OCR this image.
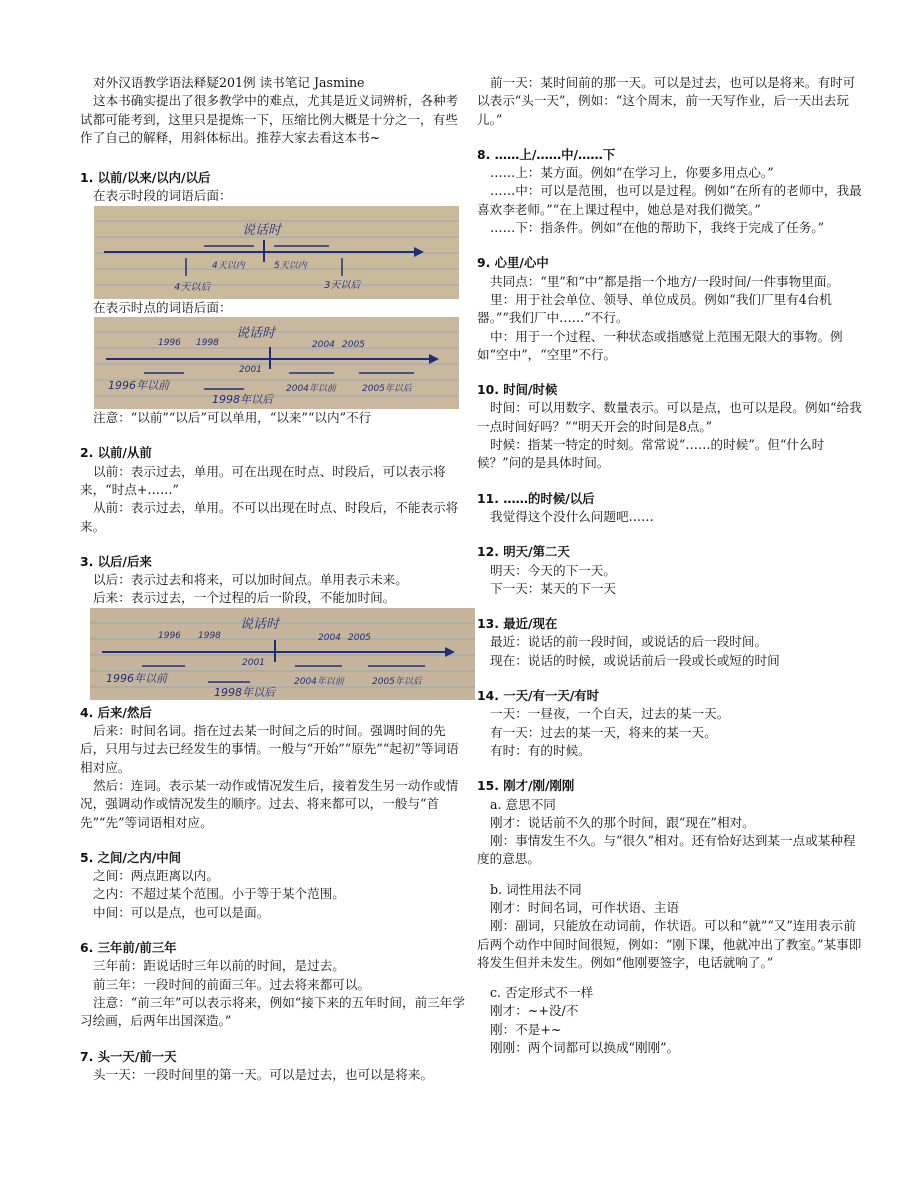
对外汉语教学语法释疑201例 读书笔记 Jasmine

这本书确实提出了很多教学中的难点，尤其是近义词辨析，各种考试都可能考到，这里只是提炼一下，压缩比例大概是十分之一，有些作了自己的解释，用斜体标出。推荐大家去看这本书~

1. 以前/以来/以内/以后

在表示时段的词语后面：

说话时
4天以后
4天以内	5天以内
3天以后

在表示时点的词语后面：

说话时
1996 1998	2004 2005
2001
1996年以前
1998年以后
2004年以前	2005年以后

注意：“以前”“以后”可以单用，“以来”“以内”不行

2. 以前/从前

以前：表示过去，单用。可在出现在时点、时段后，可以表示将来，“时点+……”

从前：表示过去，单用。不可以出现在时点、时段后，不能表示将来。

3. 以后/后来

以后：表示过去和将来，可以加时间点。单用表示未来。

后来：表示过去，一个过程的后一阶段，不能加时间。

说话时
1996 1998	2004 2005
2001
1996年以前
1998年以后
2004年以前	2005年以后
4. 后来/然后

后来：时间名词。指在过去某一时间之后的时间。强调时间的先后，只用与过去已经发生的事情。一般与“开始”“原先”“起初”等词语相对应。

然后：连词。表示某一动作或情况发生后，接着发生另一动作或情况，强调动作或情况发生的顺序。过去、将来都可以，一般与“首先”“先”等词语相对应。

5. 之间/之内/中间

之间：两点距离以内。

之内：不超过某个范围。小于等于某个范围。

中间：可以是点，也可以是面。

6. 三年前/前三年

三年前：距说话时三年以前的时间，是过去。

前三年：一段时间的前面三年。过去将来都可以。

注意：“前三年”可以表示将来，例如“接下来的五年时间，前三年学习绘画，后两年出国深造。”

7. 头一天/前一天

头一天：一段时间里的第一天。可以是过去，也可以是将来。

前一天：某时间前的那一天。可以是过去，也可以是将来。有时可以表示“头一天”，例如：“这个周末，前一天写作业，后一天出去玩儿。”

8. ……上/……中/……下

……上：某方面。例如“在学习上，你要多用点心。”

……中：可以是范围，也可以是过程。例如“在所有的老师中，我最喜欢李老师。”“在上课过程中，她总是对我们微笑。”

……下：指条件。例如“在他的帮助下，我终于完成了任务。”

9. 心里/心中

共同点：“里”和“中”都是指一个地方/一段时间/一件事物里面。

里：用于社会单位、领导、单位成员。例如“我们厂里有4台机器。”“我们厂中……”不行。

中：用于一个过程、一种状态或指感觉上范围无限大的事物。例如“空中”，“空里”不行。

10. 时间/时候

时间：可以用数字、数量表示。可以是点，也可以是段。例如“给我一点时间好吗？”“明天开会的时间是8点。”

时候：指某一特定的时刻。常常说“……的时候”。但“什么时候？”问的是具体时间。

11. ……的时候/以后

我觉得这个没什么问题吧……

12. 明天/第二天

明天：今天的下一天。

下一天：某天的下一天

13. 最近/现在

最近：说话的前一段时间，或说话的后一段时间。

现在：说话的时候，或说话前后一段或长或短的时间

14. 一天/有一天/有时

一天：一昼夜，一个白天，过去的某一天。

有一天：过去的某一天，将来的某一天。

有时：有的时候。

15. 刚才/刚/刚刚

a. 意思不同

刚才：说话前不久的那个时间，跟“现在”相对。

刚：事情发生不久。与“很久”相对。还有恰好达到某一点或某种程度的意思。

b. 词性用法不同

刚才：时间名词，可作状语、主语

刚：副词，只能放在动词前，作状语。可以和“就”“又”连用表示前后两个动作中间时间很短，例如：“刚下课，他就冲出了教室。”某事即将发生但并未发生。例如“他刚要签字，电话就响了。”

c. 否定形式不一样

刚才：~+没/不

刚：不是+~

刚刚：两个词都可以换成“刚刚”。
